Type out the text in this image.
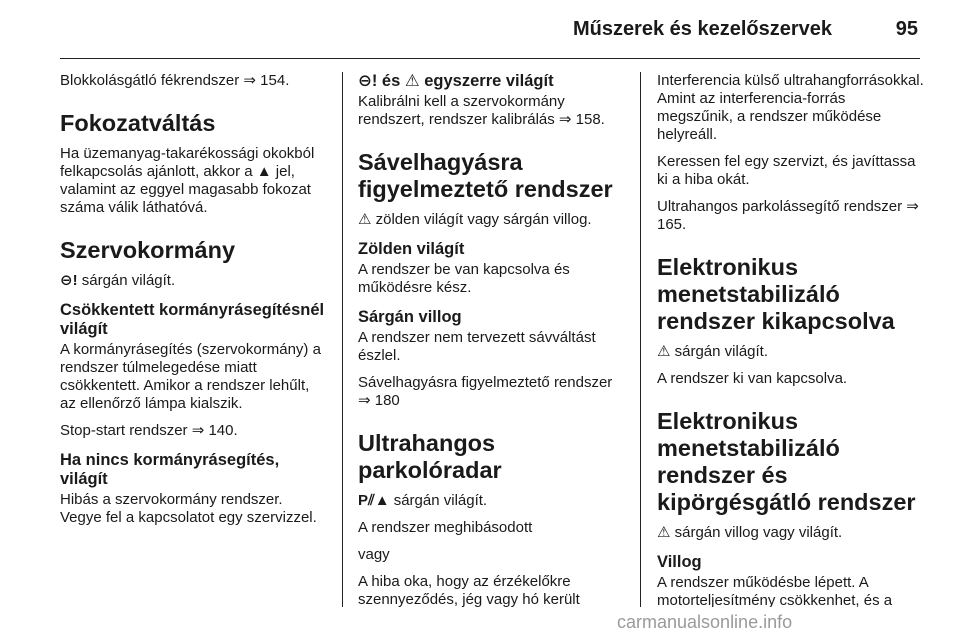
Műszerek és kezelőszervek	95

Blokkolásgátló fékrendszer ⇒ 154.

Fokozatváltás

Ha üzemanyag-takarékossági okokból felkapcsolás ajánlott, akkor a ▲ jel, valamint az eggyel magasabb fokozat száma válik láthatóvá.

Szervokormány

⊖! sárgán világít.

Csökkentett kormányrásegítésnél világít

A kormányrásegítés (szervokormány) a rendszer túlmelegedése miatt csökkentett. Amikor a rendszer lehűlt, az ellenőrző lámpa kialszik.

Stop-start rendszer ⇒ 140.

Ha nincs kormányrásegítés, világít

Hibás a szervokormány rendszer. Vegye fel a kapcsolatot egy szervizzel.

⊖! és ⚠ egyszerre világít

Kalibrálni kell a szervokormány rendszert, rendszer kalibrálás ⇒ 158.

Sávelhagyásra figyelmeztető rendszer

⚠ zölden világít vagy sárgán villog.

Zölden világít

A rendszer be van kapcsolva és működésre kész.

Sárgán villog

A rendszer nem tervezett sávváltást észlel.

Sávelhagyásra figyelmeztető rendszer ⇒ 180

Ultrahangos parkolóradar

P⫽▲ sárgán világít.

A rendszer meghibásodott

vagy

A hiba oka, hogy az érzékelőkre szennyeződés, jég vagy hó került

Interferencia külső ultrahangforrásokkal. Amint az interferencia-forrás megszűnik, a rendszer működése helyreáll.

Keressen fel egy szervizt, és javíttassa ki a hiba okát.

Ultrahangos parkolássegítő rendszer ⇒ 165.

Elektronikus menetstabilizáló rendszer kikapcsolva

⚠ sárgán világít.

A rendszer ki van kapcsolva.

Elektronikus menetstabilizáló rendszer és kipörgésgátló rendszer

⚠ sárgán villog vagy világít.

Villog

A rendszer működésbe lépett. A motorteljesítmény csökkenhet, és a

carmanualsonline.info
